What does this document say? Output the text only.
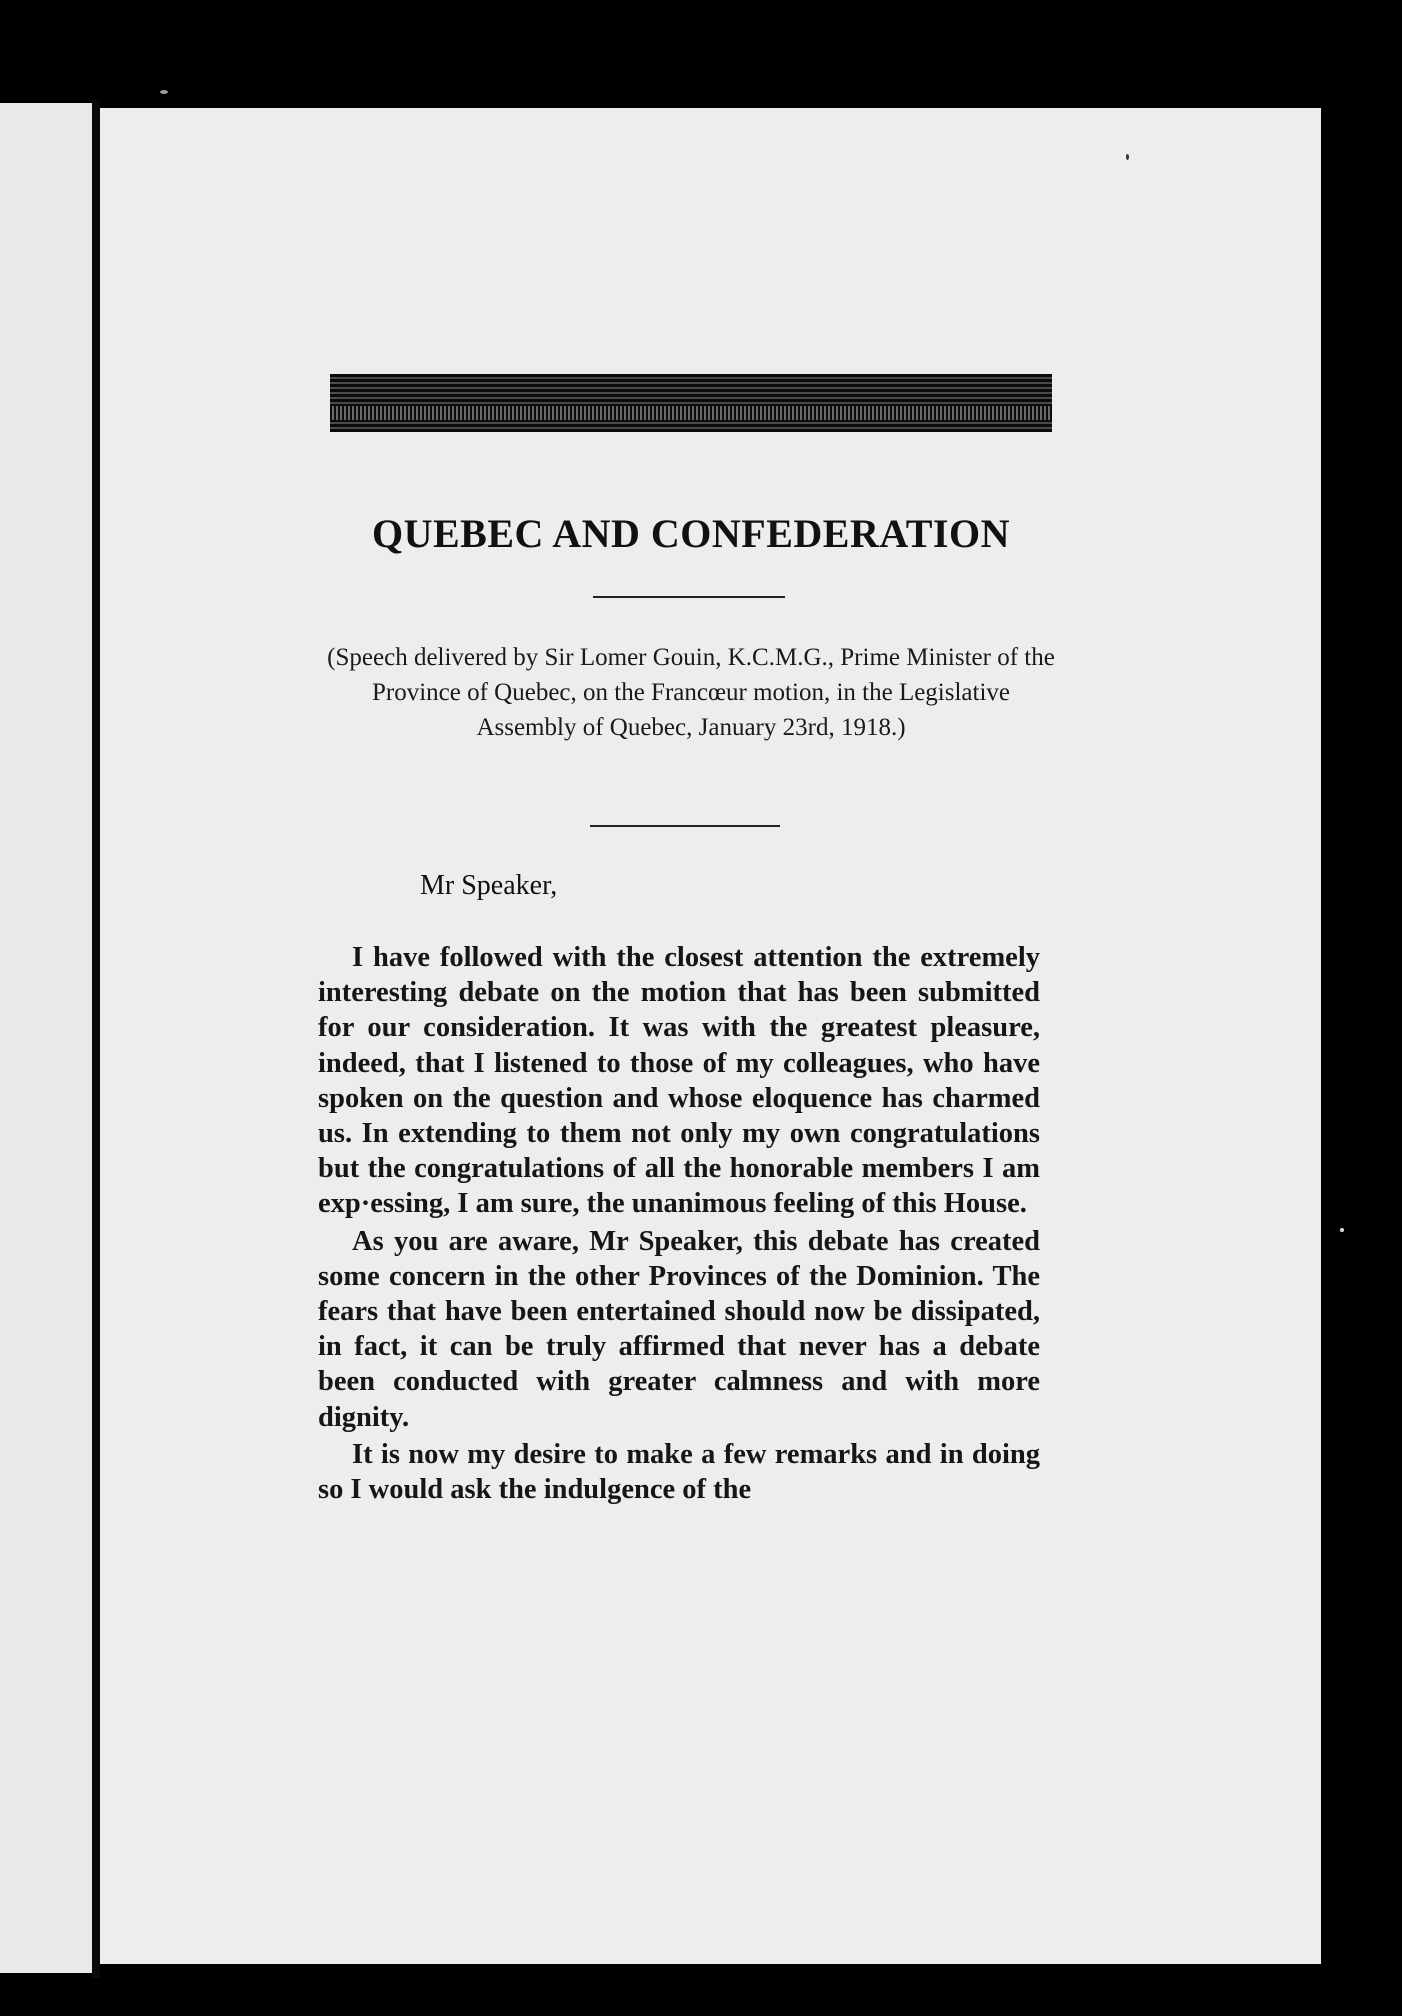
QUEBEC AND CONFEDERATION

(Speech delivered by Sir Lomer Gouin, K.C.M.G., Prime Minister of the Province of Quebec, on the Francœur motion, in the Legislative Assembly of Quebec, January 23rd, 1918.)

Mr Speaker,

I have followed with the closest attention the extremely interesting debate on the motion that has been submitted for our consideration. It was with the greatest pleasure, indeed, that I listened to those of my colleagues, who have spoken on the question and whose eloquence has charmed us. In extending to them not only my own congratulations but the congratulations of all the honorable members I am exp·essing, I am sure, the unanimous feeling of this House.

As you are aware, Mr Speaker, this debate has created some concern in the other Provinces of the Dominion. The fears that have been entertained should now be dissipated, in fact, it can be truly affirmed that never has a debate been conducted with greater calmness and with more dignity.

It is now my desire to make a few remarks and in doing so I would ask the indulgence of the
